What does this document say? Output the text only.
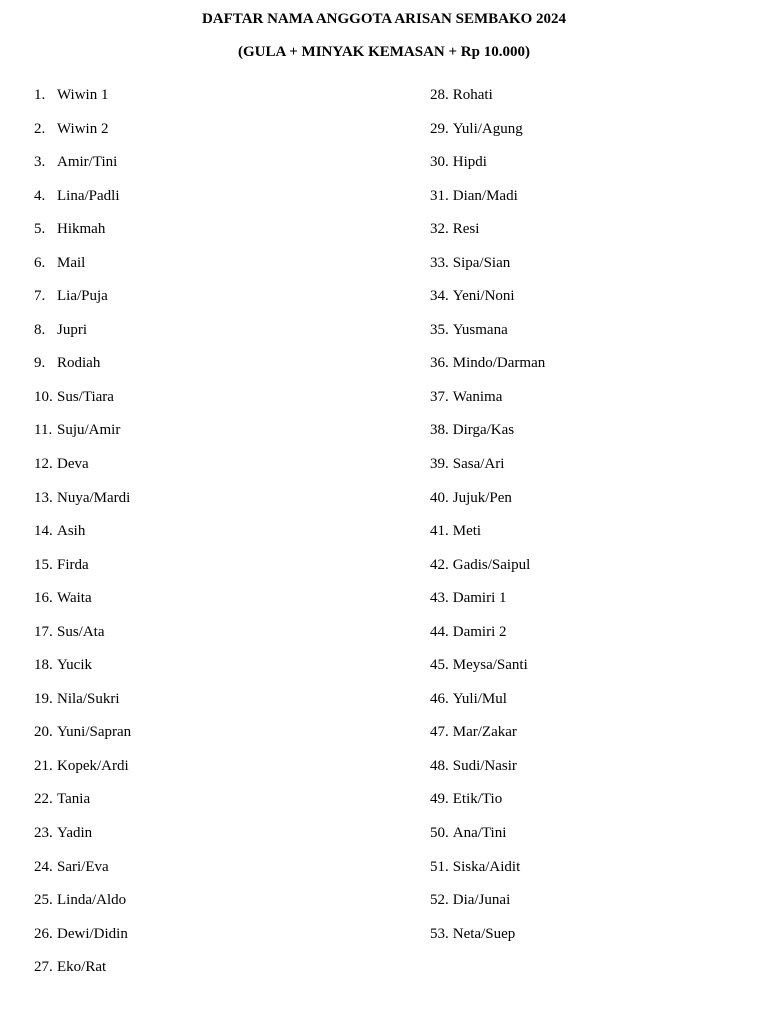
DAFTAR NAMA ANGGOTA ARISAN SEMBAKO 2024
(GULA + MINYAK KEMASAN + Rp 10.000)
1. Wiwin 1
2. Wiwin 2
3. Amir/Tini
4. Lina/Padli
5. Hikmah
6. Mail
7. Lia/Puja
8. Jupri
9. Rodiah
10. Sus/Tiara
11. Suju/Amir
12. Deva
13. Nuya/Mardi
14. Asih
15. Firda
16. Waita
17. Sus/Ata
18. Yucik
19. Nila/Sukri
20. Yuni/Sapran
21. Kopek/Ardi
22. Tania
23. Yadin
24. Sari/Eva
25. Linda/Aldo
26. Dewi/Didin
27. Eko/Rat
28. Rohati
29. Yuli/Agung
30. Hipdi
31. Dian/Madi
32. Resi
33. Sipa/Sian
34. Yeni/Noni
35. Yusmana
36. Mindo/Darman
37. Wanima
38. Dirga/Kas
39. Sasa/Ari
40. Jujuk/Pen
41. Meti
42. Gadis/Saipul
43. Damiri 1
44. Damiri 2
45. Meysa/Santi
46. Yuli/Mul
47. Mar/Zakar
48. Sudi/Nasir
49. Etik/Tio
50. Ana/Tini
51. Siska/Aidit
52. Dia/Junai
53. Neta/Suep
